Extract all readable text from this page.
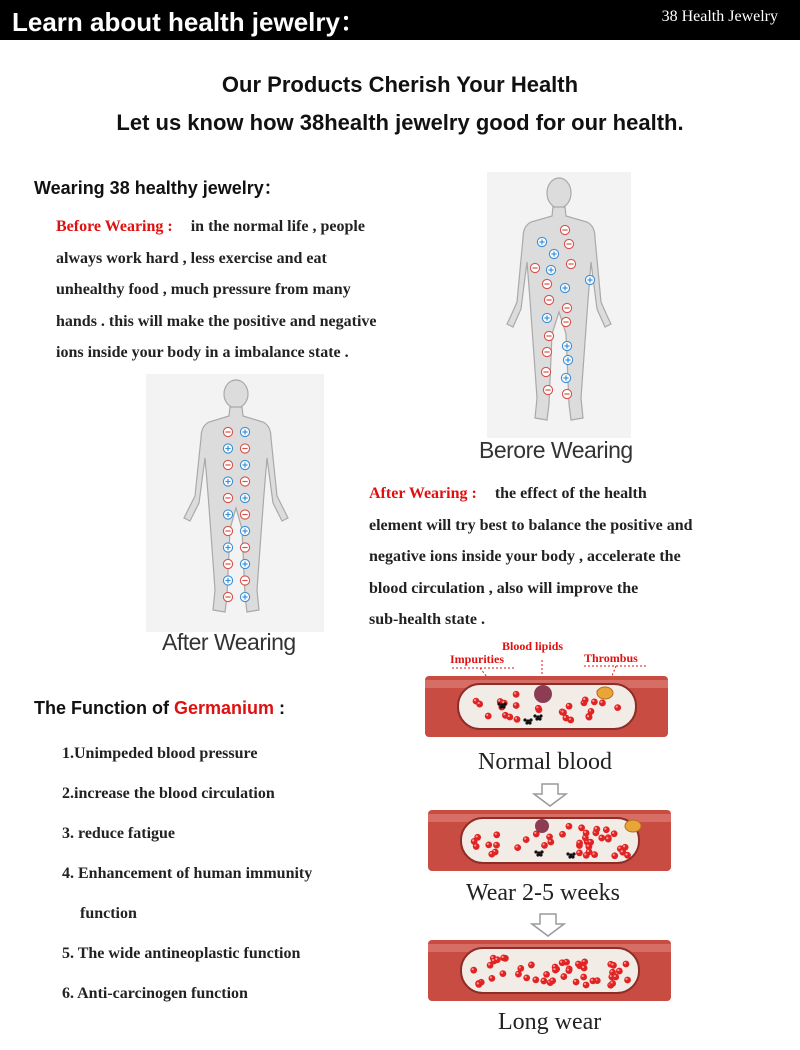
Learn about health jewelry：	38 Health Jewelry
Our Products Cherish Your Health
Let us know how 38health jewelry good for our health.
Wearing 38 healthy jewelry：
Before Wearing : in the normal life , people
always work hard , less exercise and eat
unhealthy food , much pressure from many
hands . this will make the positive and negative
ions inside your body in a imbalance state .
Berore Wearing
After Wearing
After Wearing : the effect of the health
element will try best to balance the positive and
negative ions inside your body , accelerate the
blood circulation , also will improve the
sub-health state .
The Function of Germanium :
1.Unimpeded blood pressure
2.increase the blood circulation
3. reduce fatigue
4. Enhancement of human immunity
function
5. The wide antineoplastic function
6. Anti-carcinogen function
Impurities
Blood lipids
Thrombus
Normal blood
Wear 2-5 weeks
Long wear
